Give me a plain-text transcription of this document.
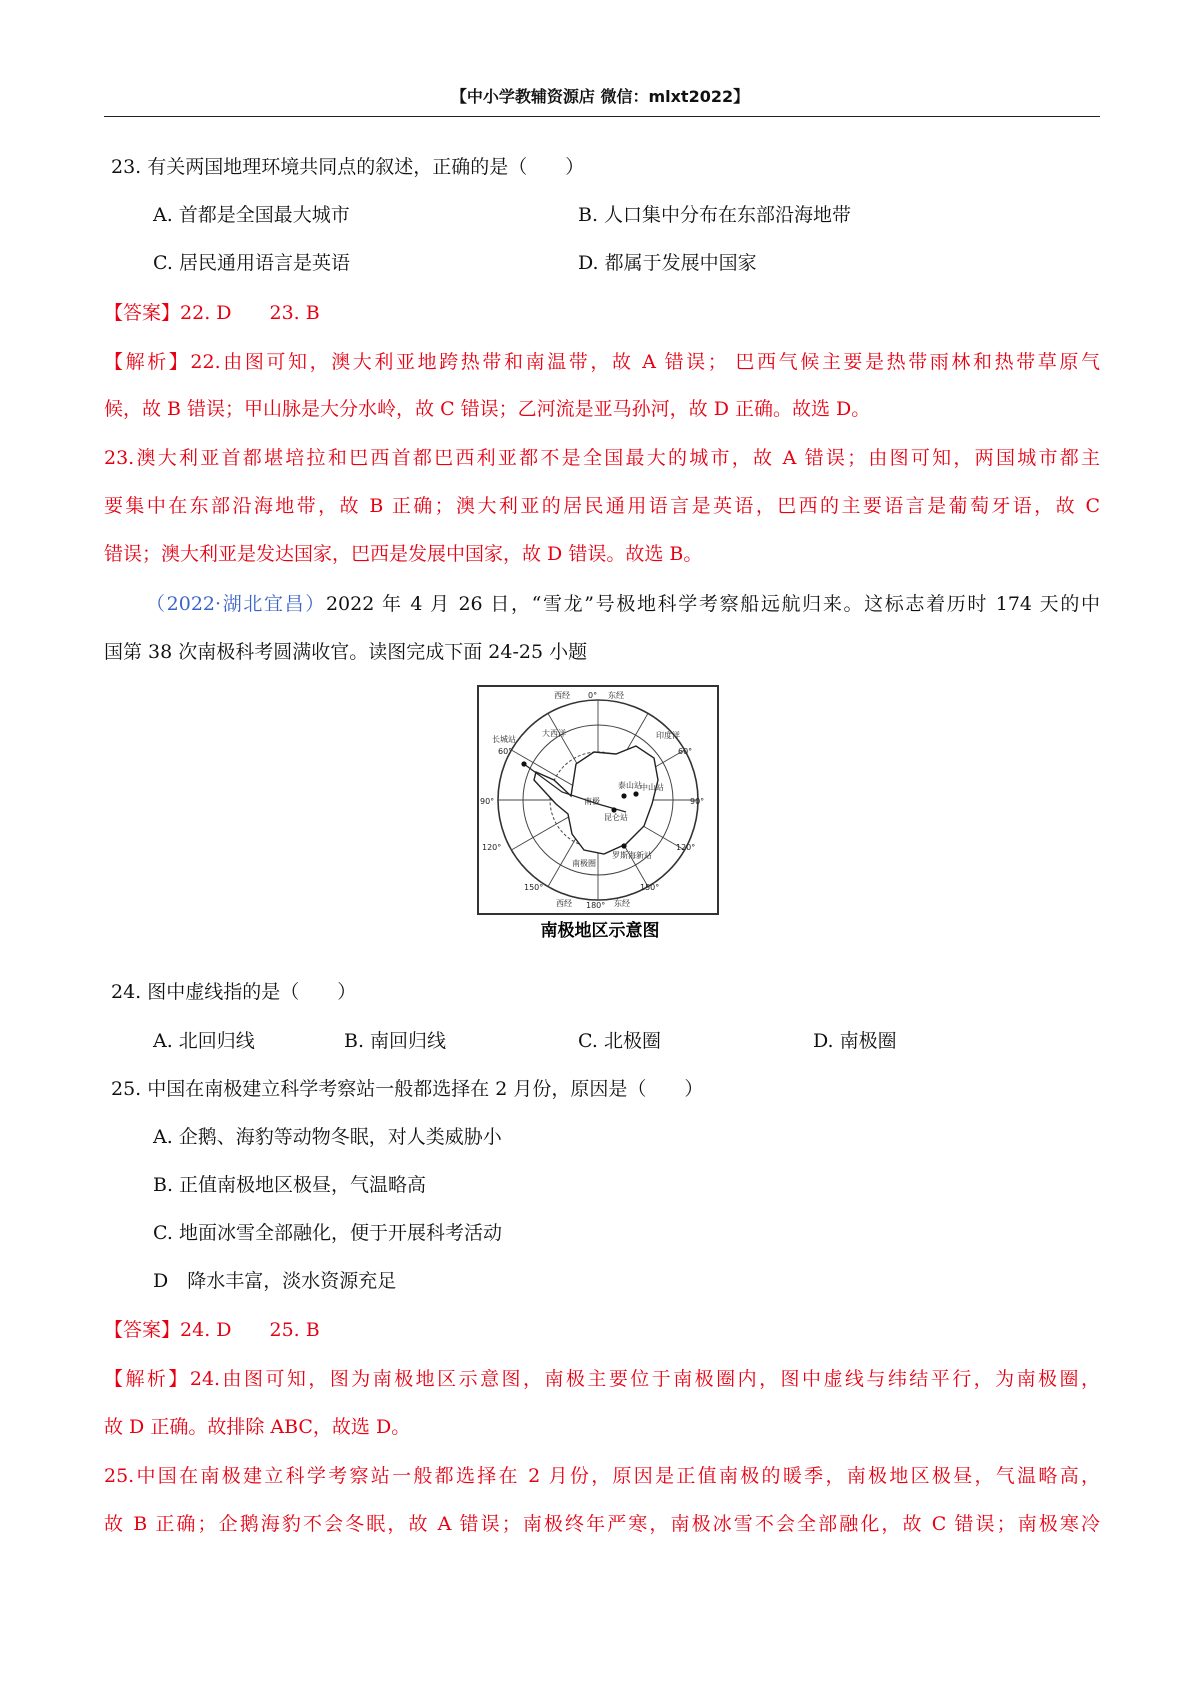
【中小学教辅资源店 微信：mlxt2022】
23. 有关两国地理环境共同点的叙述，正确的是（　　）
A. 首都是全国最大城市	B. 人口集中分布在东部沿海地带
C. 居民通用语言是英语	D. 都属于发展中国家
【答案】22. D　　23. B
【解析】22.由图可知，澳大利亚地跨热带和南温带，故 A 错误； 巴西气候主要是热带雨林和热带草原气
候，故 B 错误；甲山脉是大分水岭，故 C 错误；乙河流是亚马孙河，故 D 正确。故选 D。
23.澳大利亚首都堪培拉和巴西首都巴西利亚都不是全国最大的城市，故 A 错误；由图可知，两国城市都主
要集中在东部沿海地带，故 B 正确；澳大利亚的居民通用语言是英语，巴西的主要语言是葡萄牙语，故 C
错误；澳大利亚是发达国家，巴西是发展中国家，故 D 错误。故选 B。
（2022·湖北宜昌）2022 年 4 月 26 日，“雪龙”号极地科学考察船远航归来。这标志着历时 174 天的中
国第 38 次南极科考圆满收官。读图完成下面 24-25 小题
西经 0° 东经
长城站
60°
大西洋	印度洋
60°
泰山站
中山站
90°	南极	90°
昆仑站
120°	120°
罗斯海新站
南极圈
150°	150°
西经 180° 东经
南极地区示意图
24. 图中虚线指的是（　　）
A. 北回归线	B. 南回归线	C. 北极圈	D. 南极圈
25. 中国在南极建立科学考察站一般都选择在 2 月份，原因是（　　）
A. 企鹅、海豹等动物冬眠，对人类威胁小
B. 正值南极地区极昼，气温略高
C. 地面冰雪全部融化，便于开展科考活动
D　降水丰富，淡水资源充足
【答案】24. D　　25. B
【解析】24.由图可知，图为南极地区示意图，南极主要位于南极圈内，图中虚线与纬结平行，为南极圈，
故 D 正确。故排除 ABC，故选 D。
25.中国在南极建立科学考察站一般都选择在 2 月份，原因是正值南极的暖季，南极地区极昼，气温略高，
故 B 正确；企鹅海豹不会冬眠，故 A 错误；南极终年严寒，南极冰雪不会全部融化，故 C 错误；南极寒冷
